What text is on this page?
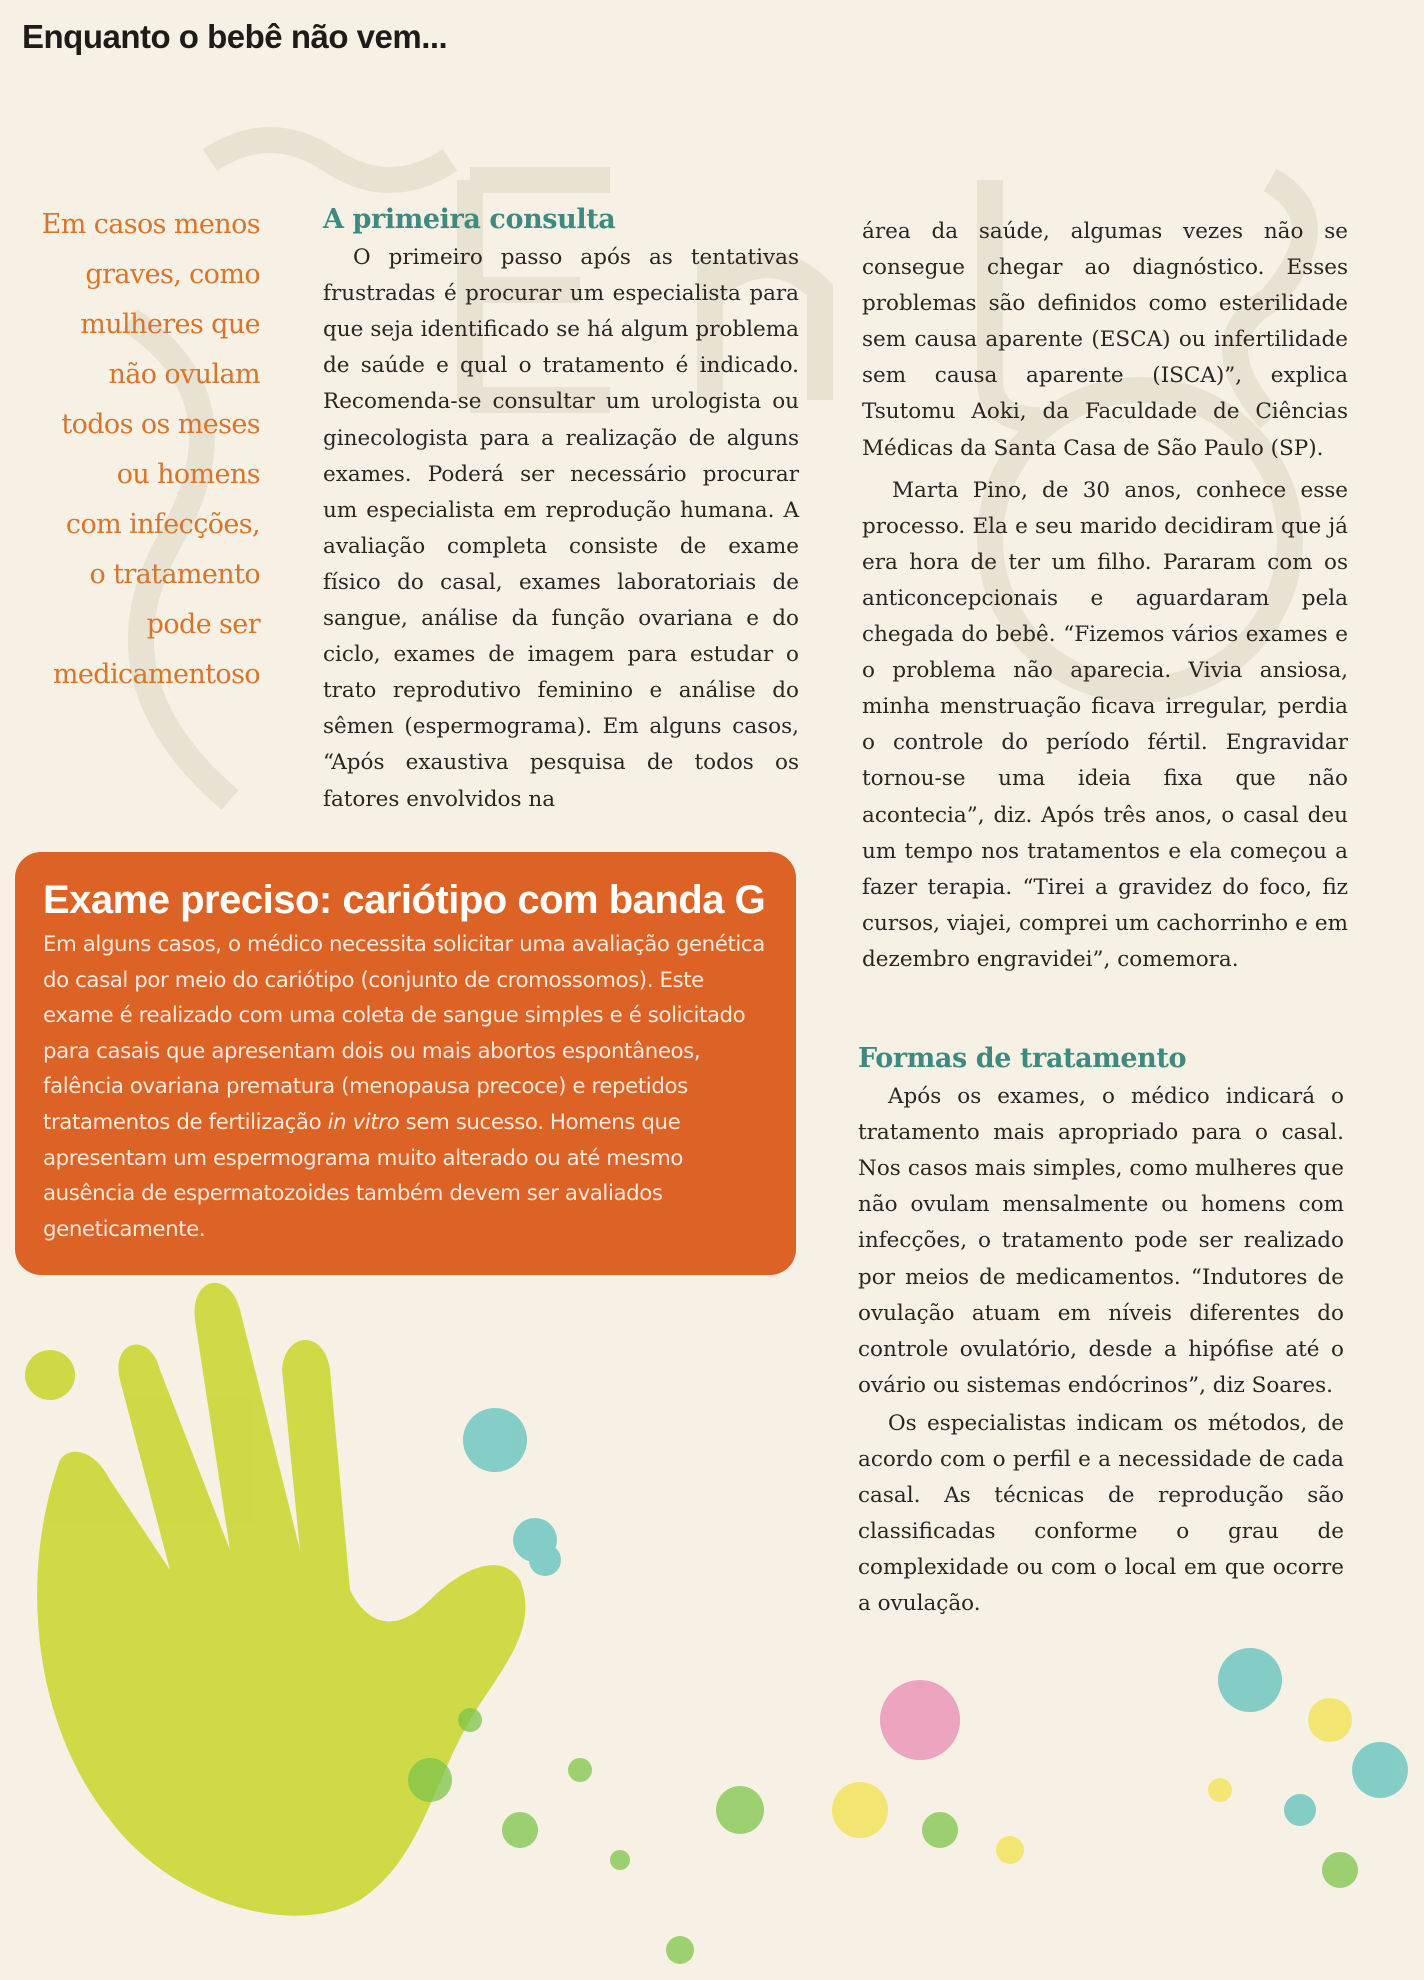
Enquanto o bebê não vem...
Em casos menos
graves, como
mulheres que
não ovulam
todos os meses
ou homens
com infecções,
o tratamento
pode ser
medicamentoso
A primeira consulta

O primeiro passo após as tentativas frustradas é procurar um especialista para que seja identificado se há algum problema de saúde e qual o tratamento é indicado. Recomenda-se consultar um urologista ou ginecologista para a realização de alguns exames. Poderá ser necessário procurar um especialista em reprodução humana. A avaliação completa consiste de exame físico do casal, exames laboratoriais de sangue, análise da função ovariana e do ciclo, exames de imagem para estudar o trato reprodutivo feminino e análise do sêmen (espermograma). Em alguns casos, “Após exaustiva pesquisa de todos os fatores envolvidos na

área da saúde, algumas vezes não se consegue chegar ao diagnóstico. Esses problemas são definidos como esterilidade sem causa aparente (ESCA) ou infertilidade sem causa aparente (ISCA)”, explica Tsutomu Aoki, da Faculdade de Ciências Médicas da Santa Casa de São Paulo (SP).

Marta Pino, de 30 anos, conhece esse processo. Ela e seu marido decidiram que já era hora de ter um filho. Pararam com os anticoncepcionais e aguardaram pela chegada do bebê. “Fizemos vários exames e o problema não aparecia. Vivia ansiosa, minha menstruação ficava irregular, perdia o controle do período fértil. Engravidar tornou-se uma ideia fixa que não acontecia”, diz. Após três anos, o casal deu um tempo nos tratamentos e ela começou a fazer terapia. “Tirei a gravidez do foco, fiz cursos, viajei, comprei um cachorrinho e em dezembro engravidei”, comemora.

Formas de tratamento

Após os exames, o médico indicará o tratamento mais apropriado para o casal. Nos casos mais simples, como mulheres que não ovulam mensalmente ou homens com infecções, o tratamento pode ser realizado por meios de medicamentos. “Indutores de ovulação atuam em níveis diferentes do controle ovulatório, desde a hipófise até o ovário ou sistemas endócrinos”, diz Soares.

Os especialistas indicam os métodos, de acordo com o perfil e a necessidade de cada casal. As técnicas de reprodução são classificadas conforme o grau de complexidade ou com o local em que ocorre a ovulação.

Exame preciso: cariótipo com banda G

Em alguns casos, o médico necessita solicitar uma avaliação genética do casal por meio do cariótipo (conjunto de cromossomos). Este exame é realizado com uma coleta de sangue simples e é solicitado para casais que apresentam dois ou mais abortos espontâneos, falência ovariana prematura (menopausa precoce) e repetidos tratamentos de fertilização in vitro sem sucesso. Homens que apresentam um espermograma muito alterado ou até mesmo ausência de espermatozoides também devem ser avaliados geneticamente.
